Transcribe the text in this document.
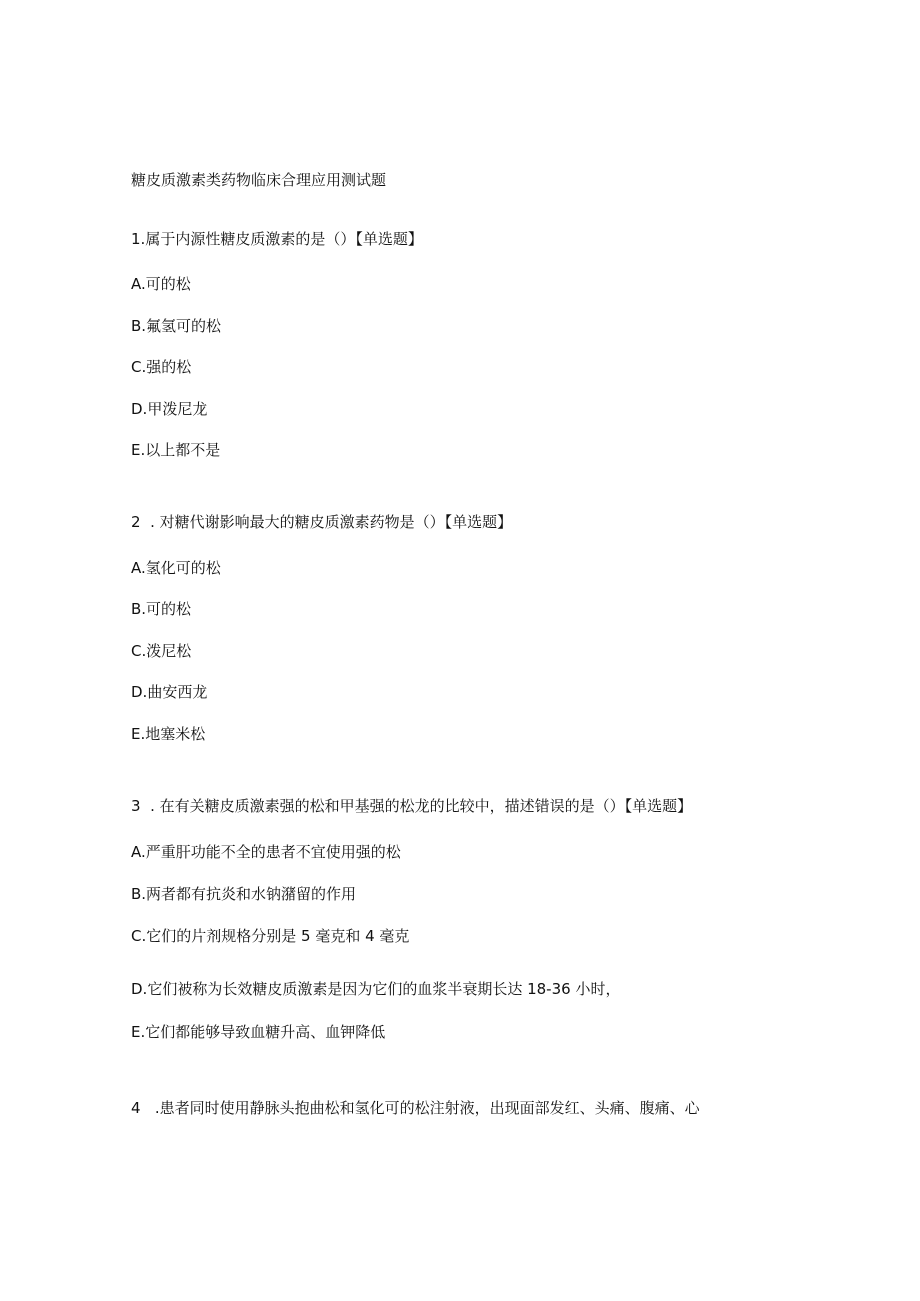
糖皮质激素类药物临床合理应用测试题
1.属于内源性糖皮质激素的是（）【单选题】
A.可的松
B.氟氢可的松
C.强的松
D.甲泼尼龙
E.以上都不是
2 . 对糖代谢影响最大的糖皮质激素药物是（）【单选题】
A.氢化可的松
B.可的松
C.泼尼松
D.曲安西龙
E.地塞米松
3 . 在有关糖皮质激素强的松和甲基强的松龙的比较中，描述错误的是（）【单选题】
A.严重肝功能不全的患者不宜使用强的松
B.两者都有抗炎和水钠潴留的作用
C.它们的片剂规格分别是 5 毫克和 4 毫克
D.它们被称为长效糖皮质激素是因为它们的血浆半衰期长达 18-36 小时，
E.它们都能够导致血糖升高、血钾降低
4 .患者同时使用静脉头抱曲松和氢化可的松注射液，出现面部发红、头痛、腹痛、心
